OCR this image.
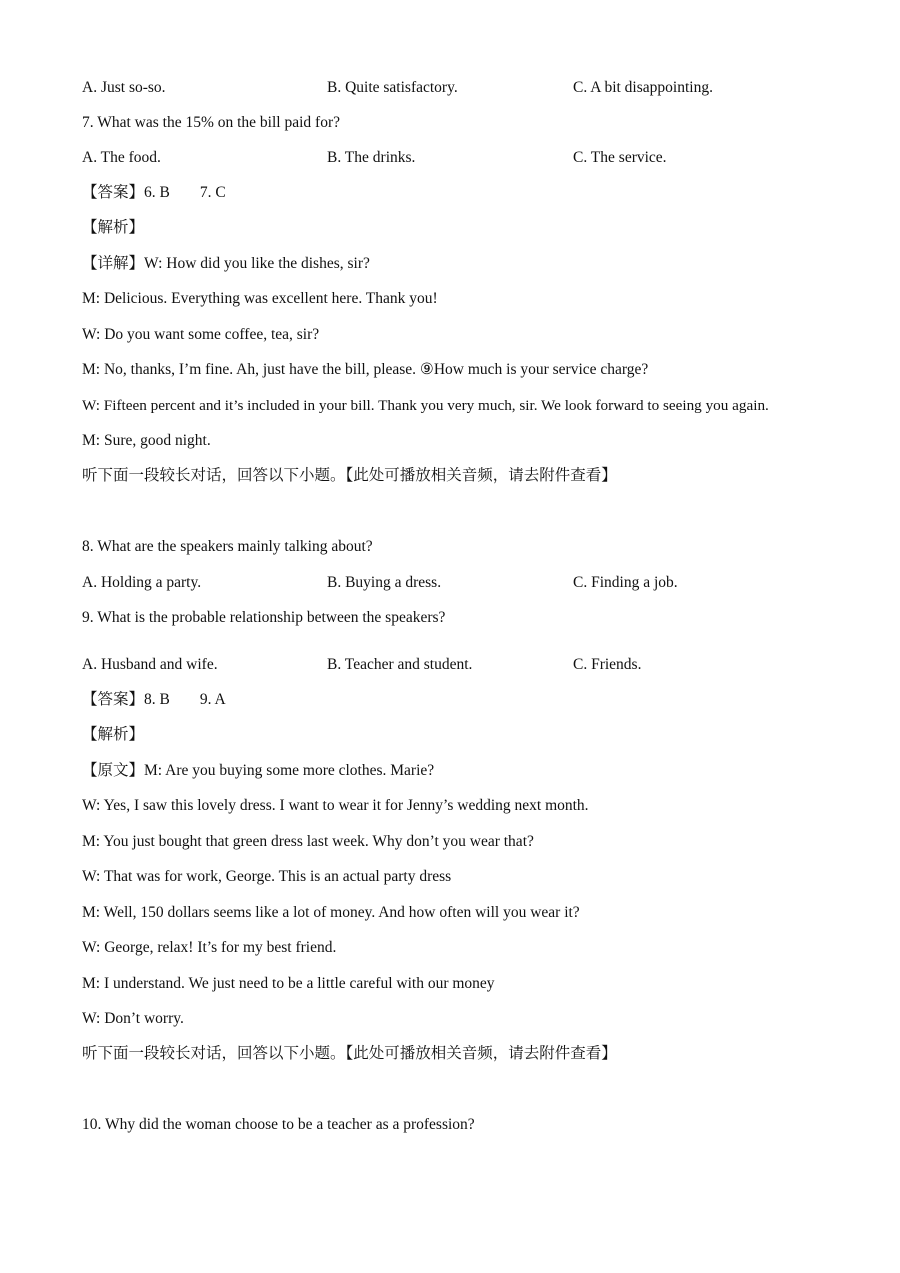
A. Just so-so.	B. Quite satisfactory.	C. A bit disappointing.
7. What was the 15% on the bill paid for?
A. The food.	B. The drinks.	C. The service.
【答案】6. B 7. C
【解析】
【详解】W: How did you like the dishes, sir?
M: Delicious. Everything was excellent here. Thank you!
W: Do you want some coffee, tea, sir?
M: No, thanks, I’m fine. Ah, just have the bill, please. ⑨How much is your service charge?
W: Fifteen percent and it’s included in your bill. Thank you very much, sir. We look forward to seeing you again.
M: Sure, good night.
听下面一段较长对话，回答以下小题。【此处可播放相关音频，请去附件查看】
8. What are the speakers mainly talking about?
A. Holding a party.	B. Buying a dress.	C. Finding a job.
9. What is the probable relationship between the speakers?
A. Husband and wife.	B. Teacher and student.	C. Friends.
【答案】8. B 9. A
【解析】
【原文】M: Are you buying some more clothes. Marie?
W: Yes, I saw this lovely dress. I want to wear it for Jenny’s wedding next month.
M: You just bought that green dress last week. Why don’t you wear that?
W: That was for work, George. This is an actual party dress
M: Well, 150 dollars seems like a lot of money. And how often will you wear it?
W: George, relax! It’s for my best friend.
M: I understand. We just need to be a little careful with our money
W: Don’t worry.
听下面一段较长对话，回答以下小题。【此处可播放相关音频，请去附件查看】
10. Why did the woman choose to be a teacher as a profession?
